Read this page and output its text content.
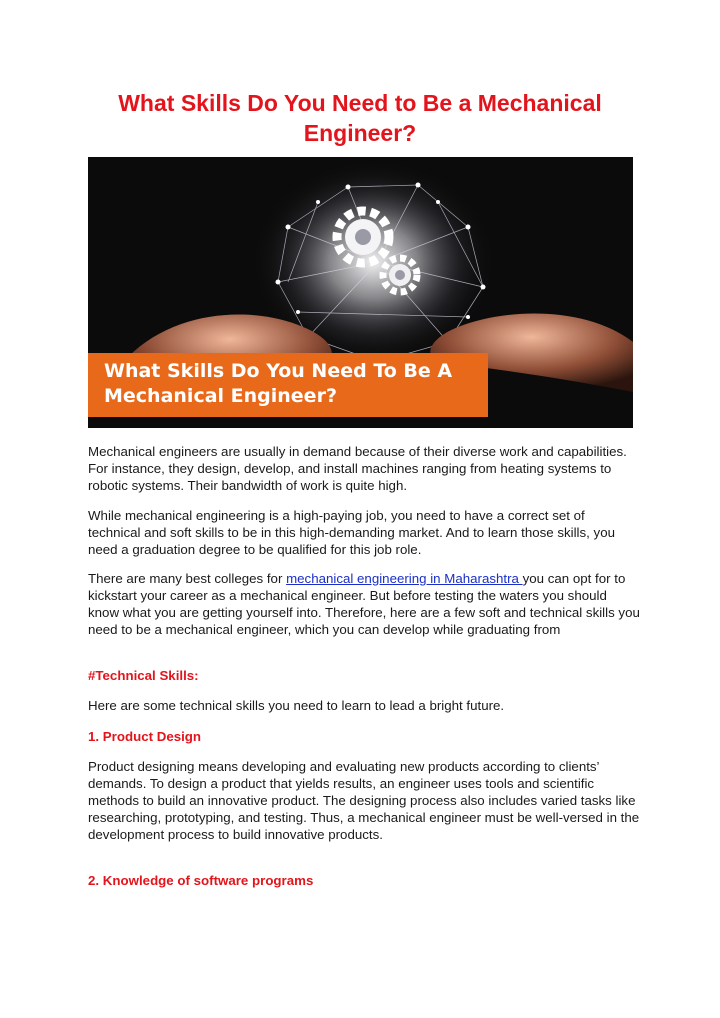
What Skills Do You Need to Be a Mechanical Engineer?
What Skills Do You Need To Be A Mechanical Engineer?

Mechanical engineers are usually in demand because of their diverse work and capabilities. For instance, they design, develop, and install machines ranging from heating systems to robotic systems. Their bandwidth of work is quite high.

While mechanical engineering is a high-paying job, you need to have a correct set of technical and soft skills to be in this high-demanding market. And to learn those skills, you need a graduation degree to be qualified for this job role.

There are many best colleges for mechanical engineering in Maharashtra you can opt for to kickstart your career as a mechanical engineer. But before testing the waters you should know what you are getting yourself into. Therefore, here are a few soft and technical skills you need to be a mechanical engineer, which you can develop while graduating from

#Technical Skills:

Here are some technical skills you need to learn to lead a bright future.

1. Product Design

Product designing means developing and evaluating new products according to clients’ demands. To design a product that yields results, an engineer uses tools and scientific methods to build an innovative product. The designing process also includes varied tasks like researching, prototyping, and testing. Thus, a mechanical engineer must be well-versed in the development process to build innovative products.

2. Knowledge of software programs
